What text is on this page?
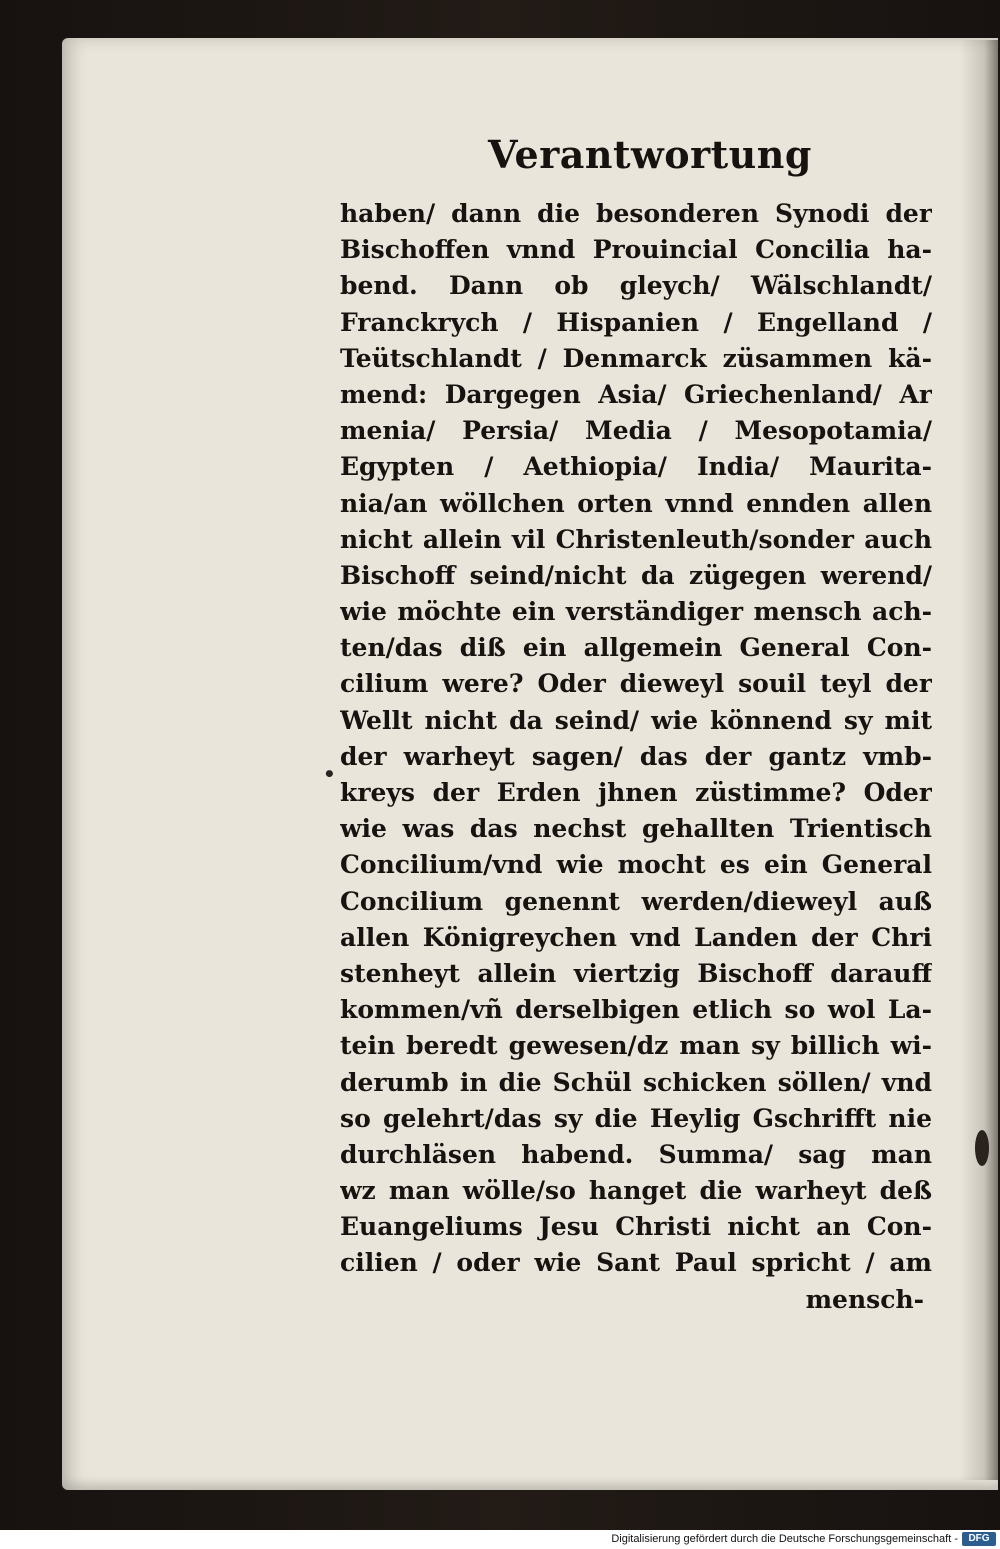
Verantwortung
•
haben/ dann die besonderen Synodi der
Bischoffen vnnd Prouincial Concilia ha-
bend. Dann ob gleych/ Wälschlandt/
Franckrych / Hispanien / Engelland /
Teütschlandt / Denmarck züsammen kä-
mend: Dargegen Asia/ Griechenland/ Ar
menia/ Persia/ Media / Mesopotamia/
Egypten / Aethiopia/ India/ Maurita-
nia/an wöllchen orten vnnd ennden allen
nicht allein vil Christenleuth/sonder auch
Bischoff seind/nicht da zügegen werend/
wie möchte ein verständiger mensch ach-
ten/das diß ein allgemein General Con-
cilium were? Oder dieweyl souil teyl der
Wellt nicht da seind/ wie könnend sy mit
der warheyt sagen/ das der gantz vmb-
kreys der Erden jhnen züstimme? Oder
wie was das nechst gehallten Trientisch
Concilium/vnd wie mocht es ein General
Concilium genennt werden/dieweyl auß
allen Königreychen vnd Landen der Chri
stenheyt allein viertzig Bischoff darauff
kommen/vñ derselbigen etlich so wol La-
tein beredt gewesen/dz man sy billich wi-
derumb in die Schül schicken söllen/ vnd
so gelehrt/das sy die Heylig Gschrifft nie
durchläsen habend. Summa/ sag man
wz man wölle/so hanget die warheyt deß
Euangeliums Jesu Christi nicht an Con-
cilien / oder wie Sant Paul spricht / am
mensch-
Digitalisierung gefördert durch die Deutsche Forschungsgemeinschaft -	DFG
